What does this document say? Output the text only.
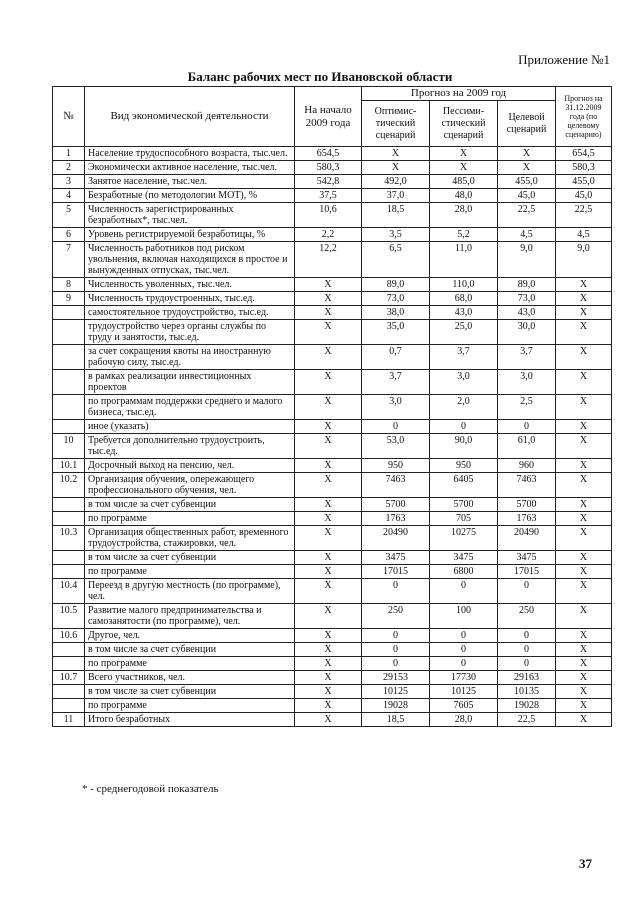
Приложение №1
Баланс рабочих мест по Ивановской области
№	Вид экономической деятельности	На начало 2009 года	Прогноз на 2009 год			Прогноз на 31.12.2009 года (по целевому сценарию)
			Оптимис-тический сценарий	Пессими-стический сценарий	Целевой сценарий	
1	Население трудоспособного возраста, тыс.чел.	654,5	X	X	X	654,5
2	Экономически активное население, тыс.чел.	580,3	X	X	X	580,3
3	Занятое население, тыс.чел.	542,8	492,0	485,0	455,0	455,0
4	Безработные (по методологии МОТ), %	37,5	37,0	48,0	45,0	45,0
5	Численность зарегистрированных безработных*, тыс.чел.	10,6	18,5	28,0	22,5	22,5
6	Уровень регистрируемой безработицы, %	2,2	3,5	5,2	4,5	4,5
7	Численность работников под риском увольнения, включая находящихся в простое и вынужденных отпусках, тыс.чел.	12,2	6,5	11,0	9,0	9,0
8	Численность уволенных, тыс.чел.	X	89,0	110,0	89,0	X
9	Численность трудоустроенных, тыс.ед.	X	73,0	68,0	73,0	X
	самостоятельное трудоустройство, тыс.ед.	X	38,0	43,0	43,0	X
	трудоустройство через органы службы по труду и занятости, тыс.ед.	X	35,0	25,0	30,0	X
	за счет сокращения квоты на иностранную рабочую силу, тыс.ед.	X	0,7	3,7	3,7	X
	в рамках реализации инвестиционных проектов	X	3,7	3,0	3,0	X
	по программам поддержки среднего и малого бизнеса, тыс.ед.	X	3,0	2,0	2,5	X
	иное (указать)	X	0	0	0	X
10	Требуется дополнительно трудоустроить, тыс.ед.	X	53,0	90,0	61,0	X
10.1	Досрочный выход на пенсию, чел.	X	950	950	960	X
10.2	Организация обучения, опережающего профессионального обучения, чел.	X	7463	6405	7463	X
	в том числе за счет субвенции	X	5700	5700	5700	X
	по программе	X	1763	705	1763	X
10.3	Организация общественных работ, временного трудоустройства, стажировки, чел.	X	20490	10275	20490	X
	в том числе за счет субвенции	X	3475	3475	3475	X
	по программе	X	17015	6800	17015	X
10.4	Переезд в другую местность (по программе), чел.	X	0	0	0	X
10.5	Развитие малого предпринимательства и самозанятости (по программе), чел.	X	250	100	250	X
10.6	Другое, чел.	X	0	0	0	X
	в том числе за счет субвенции	X	0	0	0	X
	по программе	X	0	0	0	X
10.7	Всего участников, чел.	X	29153	17730	29163	X
	в том числе за счет субвенции	X	10125	10125	10135	X
	по программе	X	19028	7605	19028	X
11	Итого безработных	X	18,5	28,0	22,5	X
* - среднегодовой показатель
37
